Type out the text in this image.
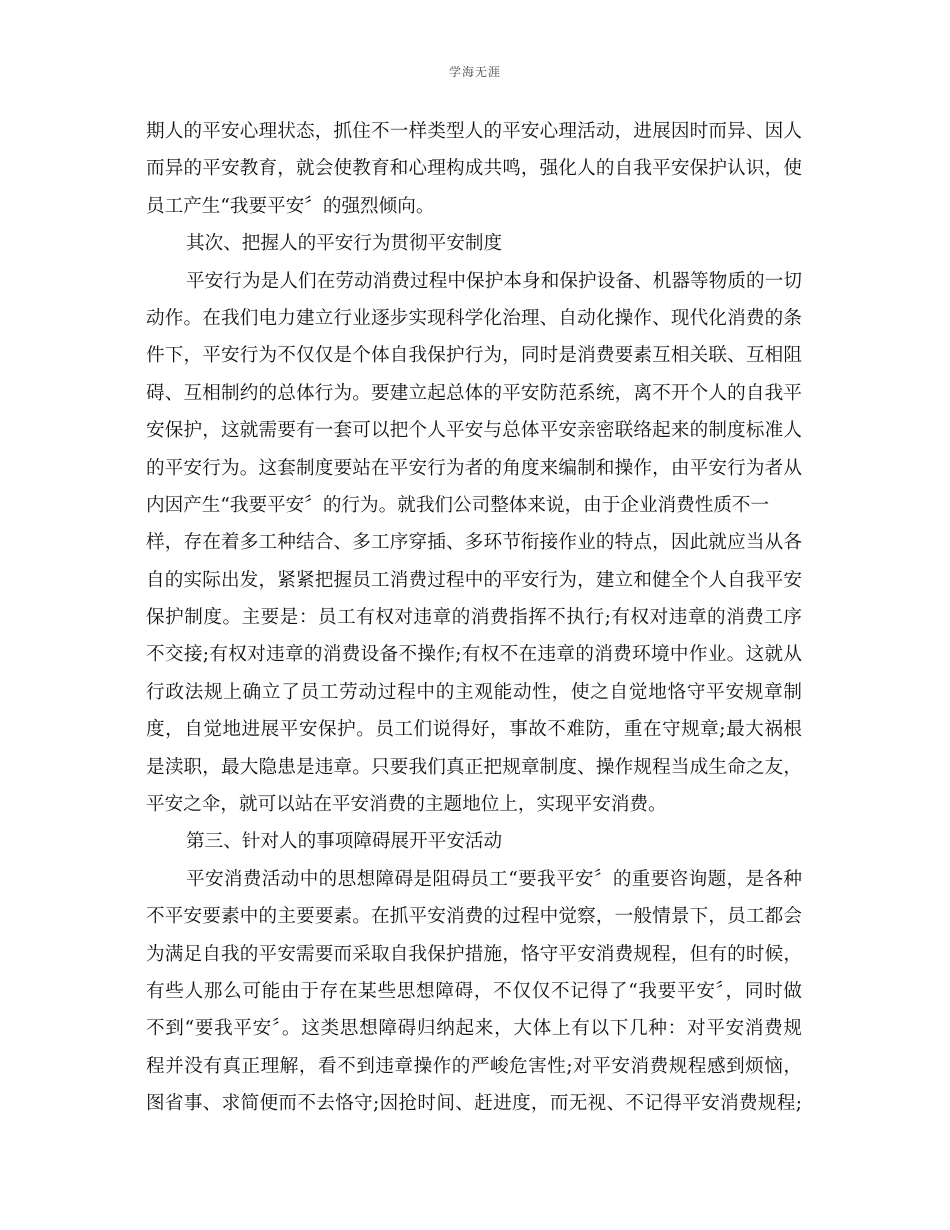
学海无涯
期人的平安心理状态，抓住不一样类型人的平安心理活动，进展因时而异、因人
而异的平安教育，就会使教育和心理构成共鸣，强化人的自我平安保护认识，使
员工产生“我要平安〞的强烈倾向。
其次、把握人的平安行为贯彻平安制度
平安行为是人们在劳动消费过程中保护本身和保护设备、机器等物质的一切
动作。在我们电力建立行业逐步实现科学化治理、自动化操作、现代化消费的条
件下，平安行为不仅仅是个体自我保护行为，同时是消费要素互相关联、互相阻
碍、互相制约的总体行为。要建立起总体的平安防范系统，离不开个人的自我平
安保护，这就需要有一套可以把个人平安与总体平安亲密联络起来的制度标准人
的平安行为。这套制度要站在平安行为者的角度来编制和操作，由平安行为者从
内因产生“我要平安〞的行为。就我们公司整体来说，由于企业消费性质不一
样，存在着多工种结合、多工序穿插、多环节衔接作业的特点，因此就应当从各
自的实际出发，紧紧把握员工消费过程中的平安行为，建立和健全个人自我平安
保护制度。主要是：员工有权对违章的消费指挥不执行;有权对违章的消费工序
不交接;有权对违章的消费设备不操作;有权不在违章的消费环境中作业。这就从
行政法规上确立了员工劳动过程中的主观能动性，使之自觉地恪守平安规章制
度，自觉地进展平安保护。员工们说得好，事故不难防，重在守规章;最大祸根
是渎职，最大隐患是违章。只要我们真正把规章制度、操作规程当成生命之友，
平安之伞，就可以站在平安消费的主题地位上，实现平安消费。
第三、针对人的事项障碍展开平安活动
平安消费活动中的思想障碍是阻碍员工“要我平安〞的重要咨询题，是各种
不平安要素中的主要要素。在抓平安消费的过程中觉察，一般情景下，员工都会
为满足自我的平安需要而采取自我保护措施，恪守平安消费规程，但有的时候，
有些人那么可能由于存在某些思想障碍，不仅仅不记得了“我要平安〞，同时做
不到“要我平安〞。这类思想障碍归纳起来，大体上有以下几种：对平安消费规
程并没有真正理解，看不到违章操作的严峻危害性;对平安消费规程感到烦恼，
图省事、求简便而不去恪守;因抢时间、赶进度，而无视、不记得平安消费规程;
